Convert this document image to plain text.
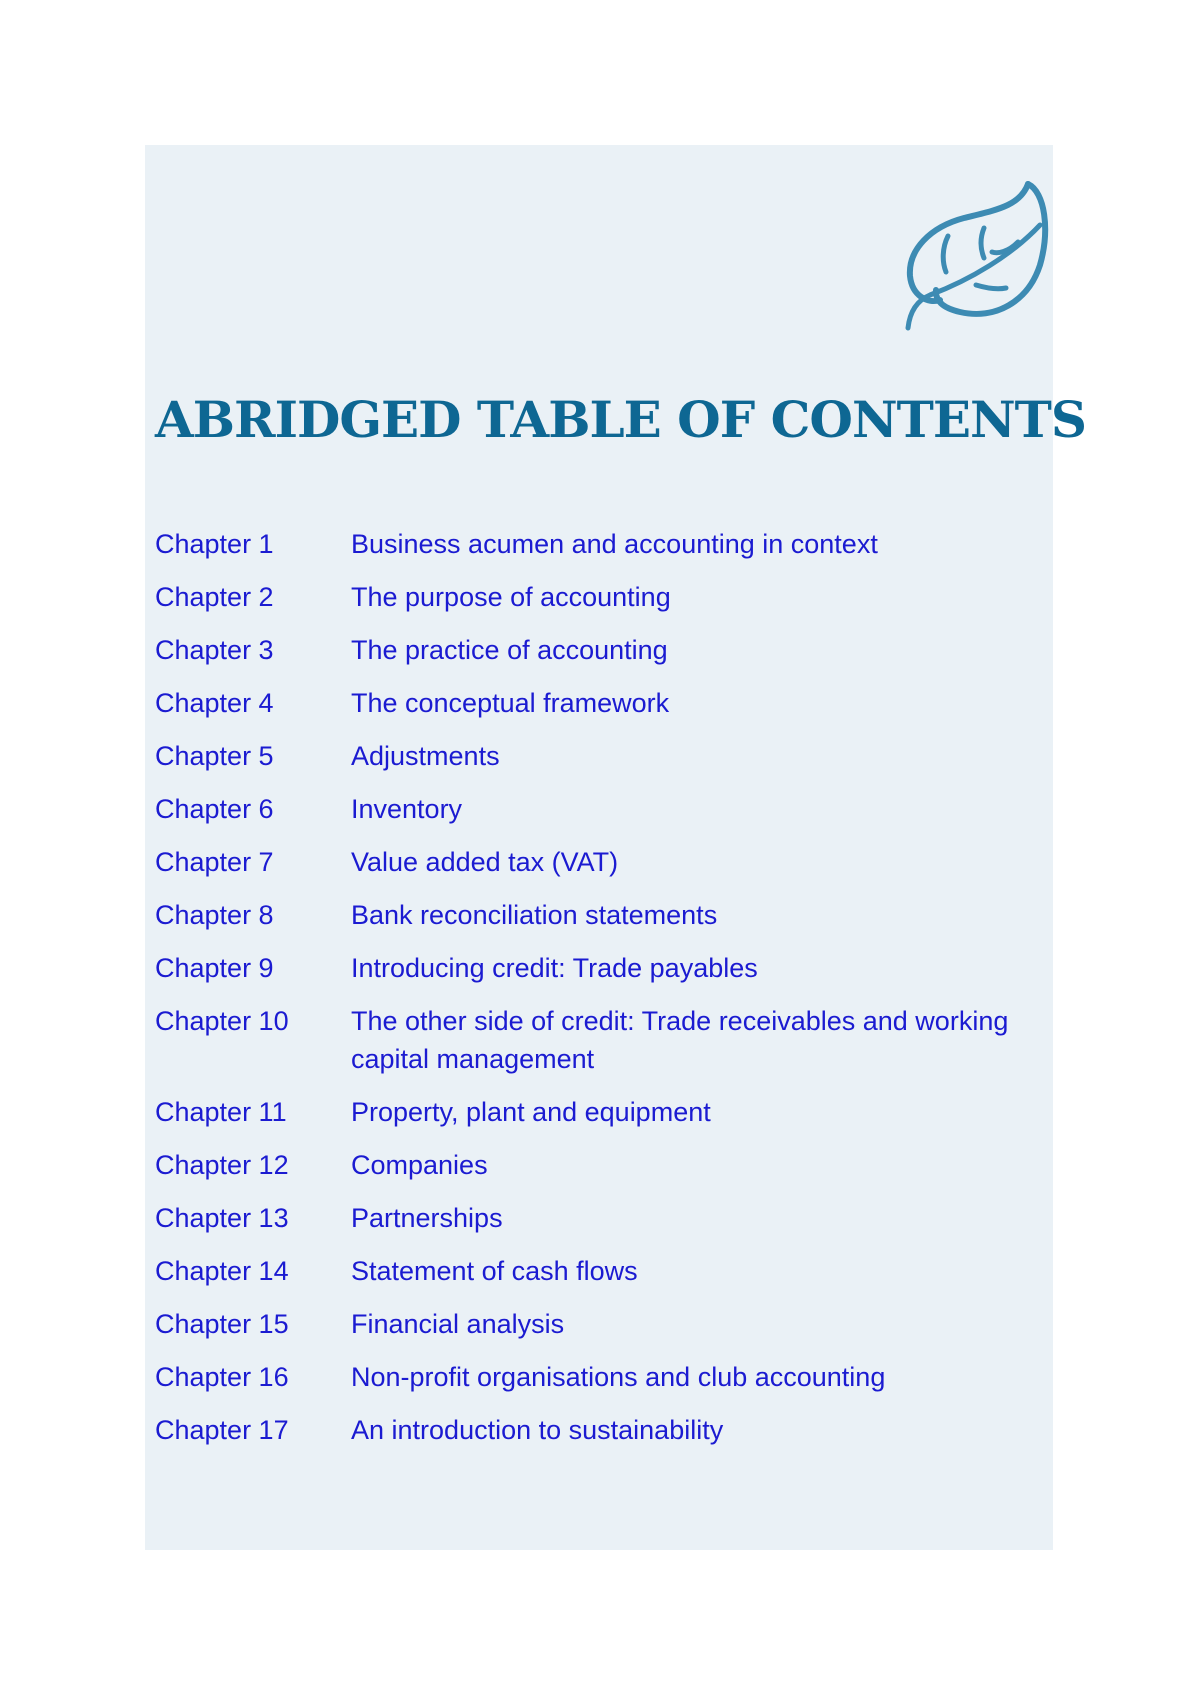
ABRIDGED TABLE OF CONTENTS
Chapter 1	Business acumen and accounting in context
Chapter 2	The purpose of accounting
Chapter 3	The practice of accounting
Chapter 4	The conceptual framework
Chapter 5	Adjustments
Chapter 6	Inventory
Chapter 7	Value added tax (VAT)
Chapter 8	Bank reconciliation statements
Chapter 9	Introducing credit: Trade payables
Chapter 10	The other side of credit: Trade receivables and working capital management
Chapter 11	Property, plant and equipment
Chapter 12	Companies
Chapter 13	Partnerships
Chapter 14	Statement of cash flows
Chapter 15	Financial analysis
Chapter 16	Non-profit organisations and club accounting
Chapter 17	An introduction to sustainability
